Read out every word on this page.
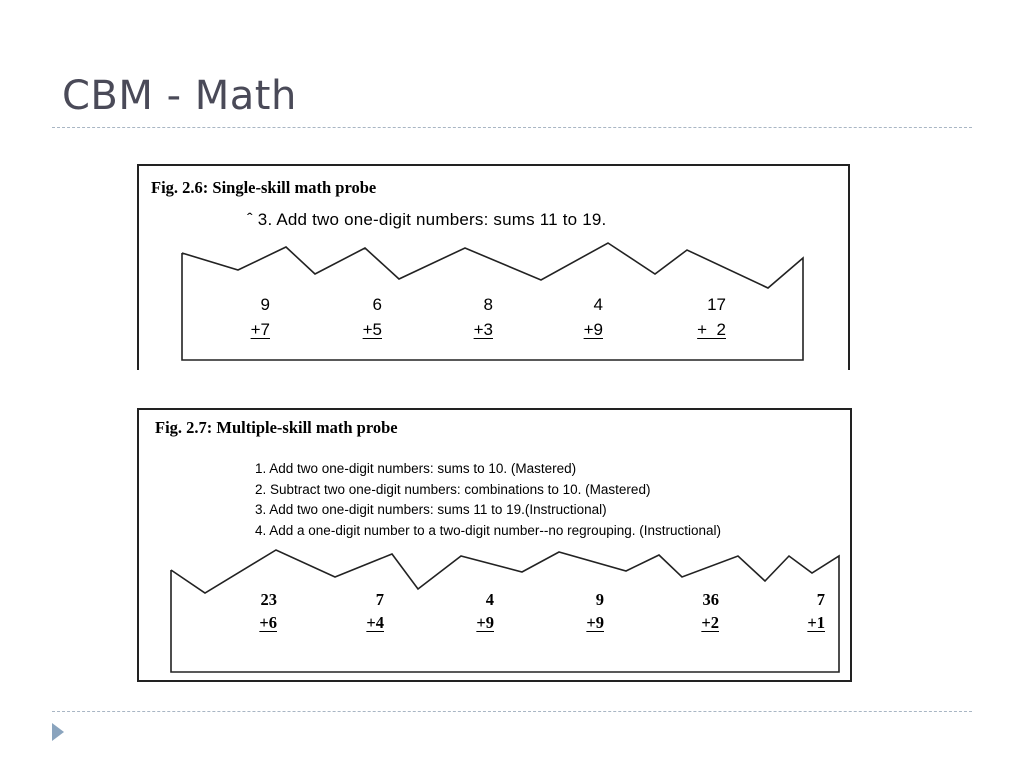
CBM - Math

Fig. 2.6: Single-skill math probe

ˆ 3. Add two one-digit numbers: sums 11 to 19.
9
+7
6
+5
8
+3
4
+9
17
+  2

Fig. 2.7: Multiple-skill math probe

1. Add two one-digit numbers: sums to 10. (Mastered)
2. Subtract two one-digit numbers: combinations to 10. (Mastered)
3. Add two one-digit numbers: sums 11 to 19.(Instructional)
4. Add a one-digit number to a two-digit number--no regrouping. (Instructional)
23
+6
7
+4
4
+9
9
+9
36
+2
7
+1
